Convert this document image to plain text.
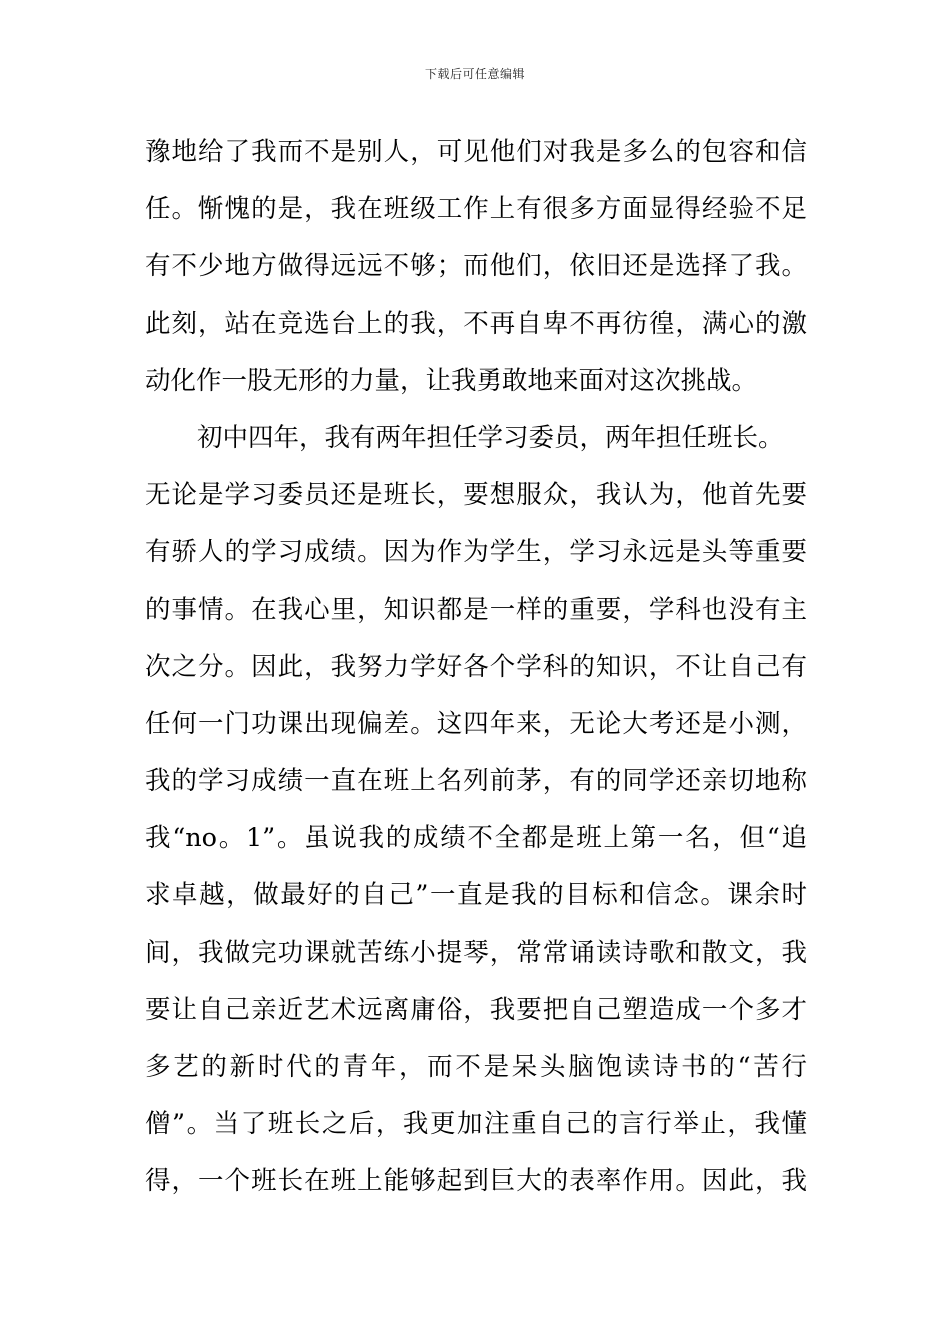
下载后可任意编辑
豫地给了我而不是别人，可见他们对我是多么的包容和信
任。惭愧的是，我在班级工作上有很多方面显得经验不足
有不少地方做得远远不够；而他们，依旧还是选择了我。
此刻，站在竞选台上的我，不再自卑不再彷徨，满心的激
动化作一股无形的力量，让我勇敢地来面对这次挑战。
初中四年，我有两年担任学习委员，两年担任班长。
无论是学习委员还是班长，要想服众，我认为，他首先要
有骄人的学习成绩。因为作为学生，学习永远是头等重要
的事情。在我心里，知识都是一样的重要，学科也没有主
次之分。因此，我努力学好各个学科的知识，不让自己有
任何一门功课出现偏差。这四年来，无论大考还是小测，
我的学习成绩一直在班上名列前茅，有的同学还亲切地称
我“no。1”。虽说我的成绩不全都是班上第一名，但“追
求卓越，做最好的自己”一直是我的目标和信念。课余时
间，我做完功课就苦练小提琴，常常诵读诗歌和散文，我
要让自己亲近艺术远离庸俗，我要把自己塑造成一个多才
多艺的新时代的青年，而不是呆头脑饱读诗书的“苦行
僧”。当了班长之后，我更加注重自己的言行举止，我懂
得，一个班长在班上能够起到巨大的表率作用。因此，我
